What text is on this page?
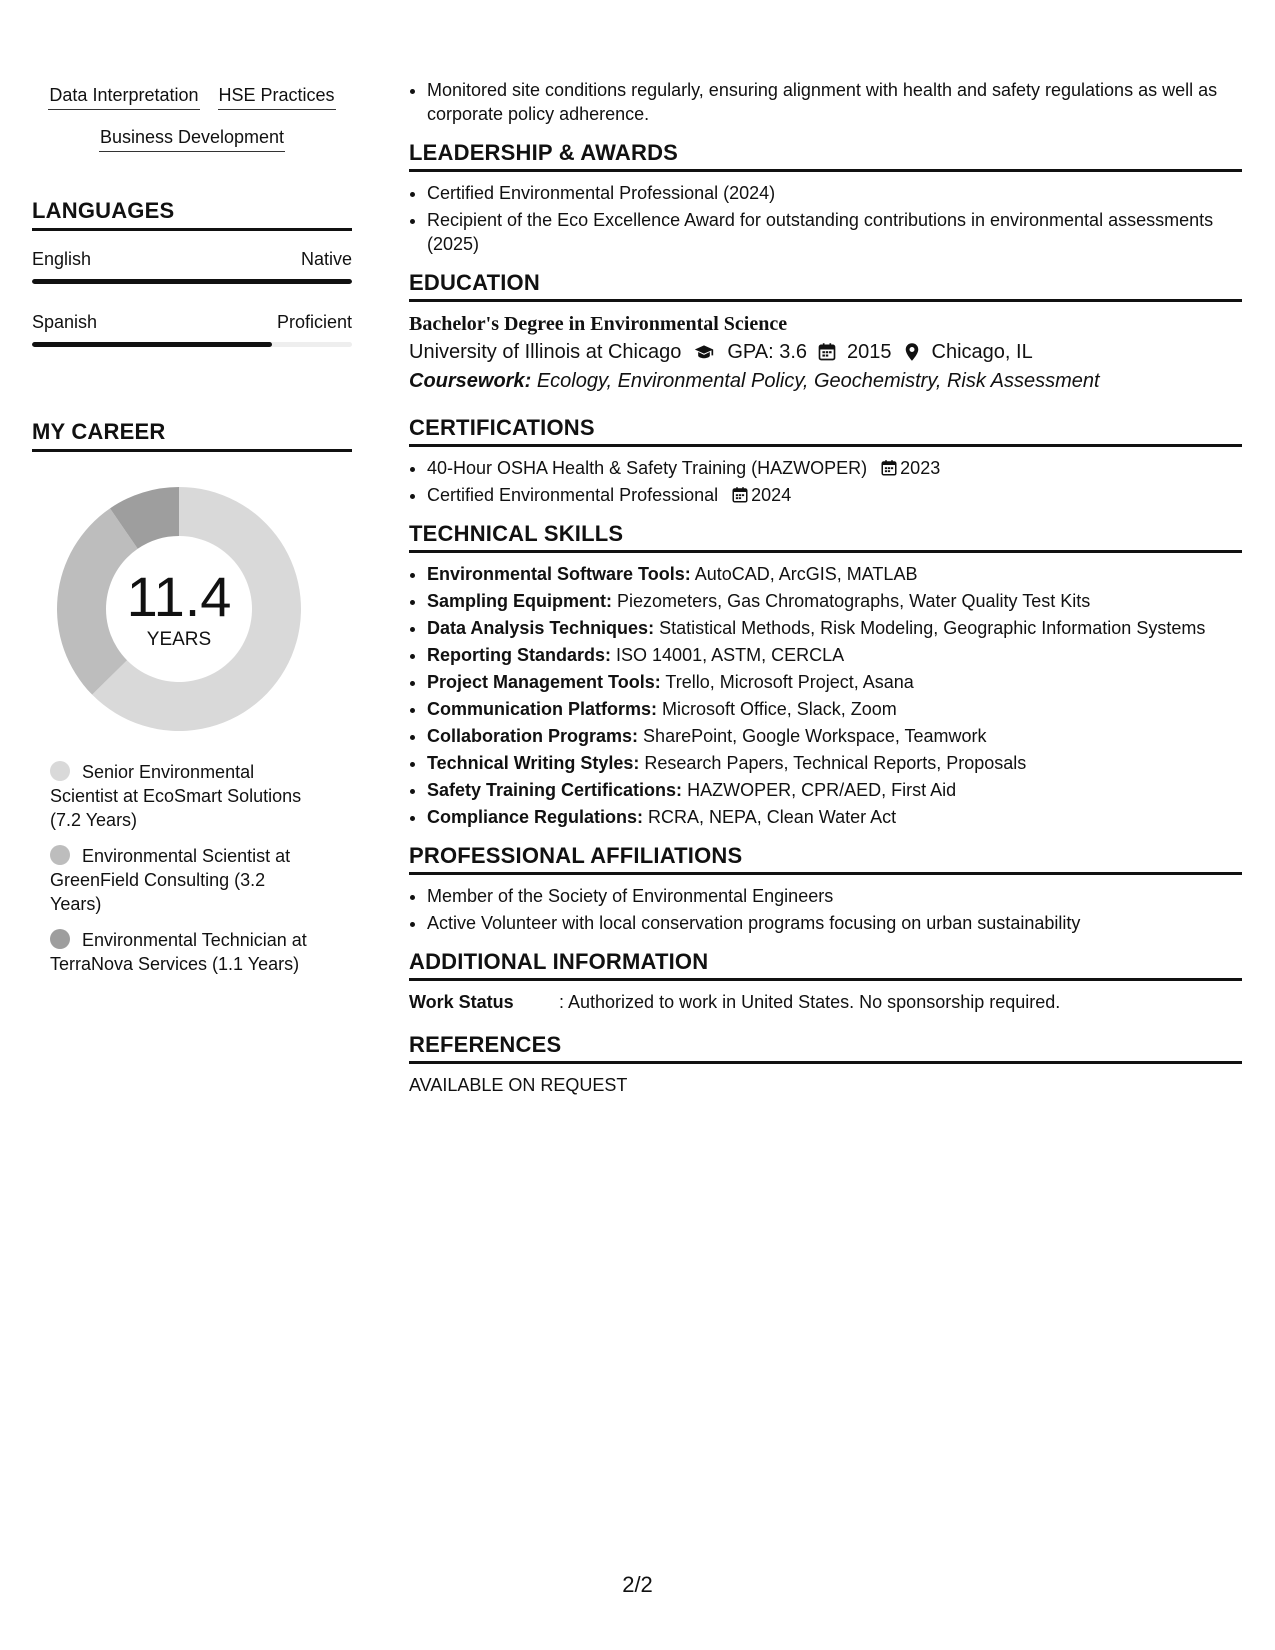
Data Interpretation HSE Practices
Business Development
LANGUAGES
English	Native
Spanish	Proficient
MY CAREER
11.4
YEARS
Senior Environmental Scientist at EcoSmart Solutions (7.2 Years)
Environmental Scientist at GreenField Consulting (3.2 Years)
Environmental Technician at TerraNova Services (1.1 Years)
• Monitored site conditions regularly, ensuring alignment with health and safety regulations as well as corporate policy adherence.
LEADERSHIP & AWARDS
• Certified Environmental Professional (2024)
• Recipient of the Eco Excellence Award for outstanding contributions in environmental assessments (2025)
EDUCATION
Bachelor's Degree in Environmental Science
University of Illinois at Chicago GPA: 3.6 2015 Chicago, IL
Coursework: Ecology, Environmental Policy, Geochemistry, Risk Assessment
CERTIFICATIONS
• 40-Hour OSHA Health & Safety Training (HAZWOPER) 2023
• Certified Environmental Professional 2024
TECHNICAL SKILLS
• Environmental Software Tools: AutoCAD, ArcGIS, MATLAB
• Sampling Equipment: Piezometers, Gas Chromatographs, Water Quality Test Kits
• Data Analysis Techniques: Statistical Methods, Risk Modeling, Geographic Information Systems
• Reporting Standards: ISO 14001, ASTM, CERCLA
• Project Management Tools: Trello, Microsoft Project, Asana
• Communication Platforms: Microsoft Office, Slack, Zoom
• Collaboration Programs: SharePoint, Google Workspace, Teamwork
• Technical Writing Styles: Research Papers, Technical Reports, Proposals
• Safety Training Certifications: HAZWOPER, CPR/AED, First Aid
• Compliance Regulations: RCRA, NEPA, Clean Water Act
PROFESSIONAL AFFILIATIONS
• Member of the Society of Environmental Engineers
• Active Volunteer with local conservation programs focusing on urban sustainability
ADDITIONAL INFORMATION
Work Status	: Authorized to work in United States. No sponsorship required.
REFERENCES
AVAILABLE ON REQUEST
2/2
